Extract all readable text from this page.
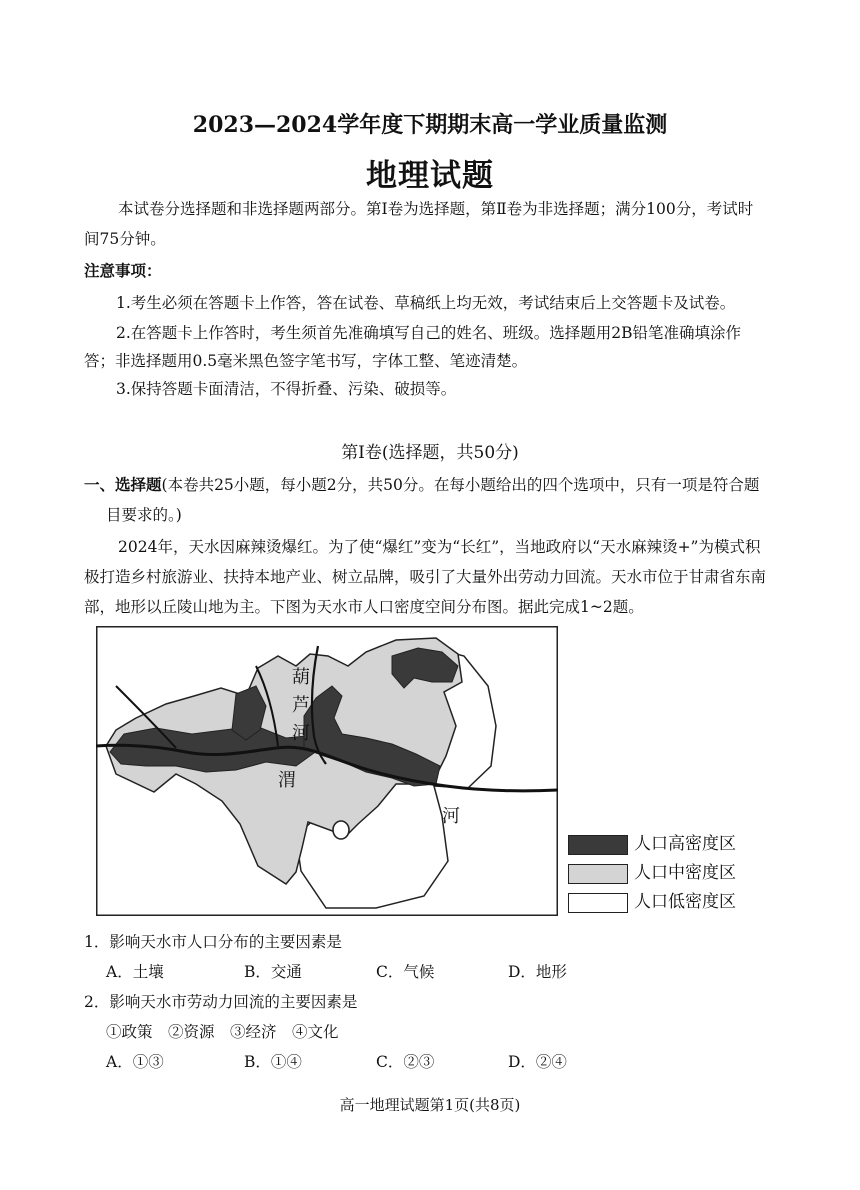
2023—2024学年度下期期末高一学业质量监测
地理试题
本试卷分选择题和非选择题两部分。第Ⅰ卷为选择题，第Ⅱ卷为非选择题；满分100分，考试时
间75分钟。
注意事项：
1.考生必须在答题卡上作答，答在试卷、草稿纸上均无效，考试结束后上交答题卡及试卷。
2.在答题卡上作答时，考生须首先准确填写自己的姓名、班级。选择题用2B铅笔准确填涂作
答；非选择题用0.5毫米黑色签字笔书写，字体工整、笔迹清楚。
3.保持答题卡面清洁，不得折叠、污染、破损等。
第Ⅰ卷(选择题，共50分)
一、选择题(本卷共25小题，每小题2分，共50分。在每小题给出的四个选项中，只有一项是符合题
目要求的。)
2024年，天水因麻辣烫爆红。为了使“爆红”变为“长红”，当地政府以“天水麻辣烫+”为模式积
极打造乡村旅游业、扶持本地产业、树立品牌，吸引了大量外出劳动力回流。天水市位于甘肃省东南
部，地形以丘陵山地为主。下图为天水市人口密度空间分布图。据此完成1~2题。
葫
芦
河
渭
河
人口高密度区
人口中密度区
人口低密度区
1．影响天水市人口分布的主要因素是
A．土壤	B．交通	C．气候	D．地形
2．影响天水市劳动力回流的主要因素是
①政策　②资源　③经济　④文化
A．①③	B．①④	C．②③	D．②④
高一地理试题第1页(共8页)
